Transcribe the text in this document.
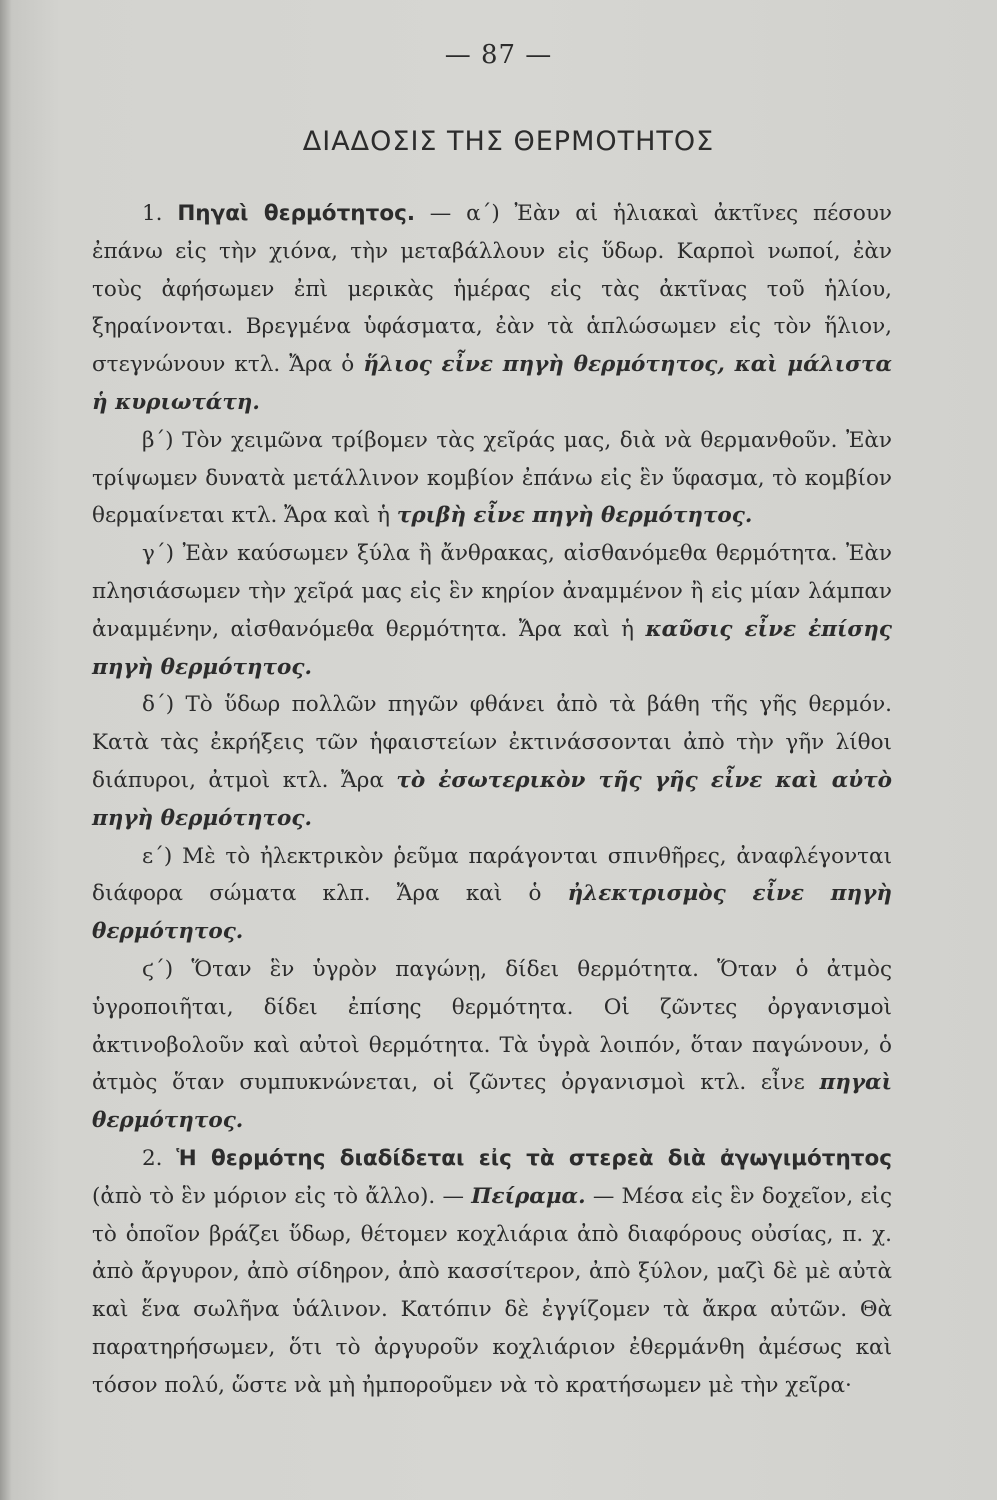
— 87 —
ΔΙΑΔΟΣΙΣ ΤΗΣ ΘΕΡΜΟΤΗΤΟΣ

1. Πηγαὶ θερμότητος. — α΄) Ἐὰν αἱ ἡλιακαὶ ἀκτῖνες πέσουν ἐπάνω εἰς τὴν χιόνα, τὴν μεταβάλλουν εἰς ὕδωρ. Καρποὶ νωποί, ἐὰν τοὺς ἀφήσωμεν ἐπὶ μερικὰς ἡμέρας εἰς τὰς ἀκτῖνας τοῦ ἡλίου, ξηραίνονται. Βρεγμένα ὑφάσματα, ἐὰν τὰ ἁπλώσωμεν εἰς τὸν ἥλιον, στεγνώνουν κτλ. Ἄρα ὁ ἥλιος εἶνε πηγὴ θερμότητος, καὶ μάλιστα ἡ κυριωτάτη.

β΄) Τὸν χειμῶνα τρίβομεν τὰς χεῖράς μας, διὰ νὰ θερμανθοῦν. Ἐὰν τρίψωμεν δυνατὰ μετάλλινον κομβίον ἐπάνω εἰς ἓν ὕφασμα, τὸ κομβίον θερμαίνεται κτλ. Ἄρα καὶ ἡ τριβὴ εἶνε πηγὴ θερμότητος.

γ΄) Ἐὰν καύσωμεν ξύλα ἢ ἄνθρακας, αἰσθανόμεθα θερμότητα. Ἐὰν πλησιάσωμεν τὴν χεῖρά μας εἰς ἓν κηρίον ἀναμμένον ἢ εἰς μίαν λάμπαν ἀναμμένην, αἰσθανόμεθα θερμότητα. Ἄρα καὶ ἡ καῦσις εἶνε ἐπίσης πηγὴ θερμότητος.

δ΄) Τὸ ὕδωρ πολλῶν πηγῶν φθάνει ἀπὸ τὰ βάθη τῆς γῆς θερμόν. Κατὰ τὰς ἐκρήξεις τῶν ἡφαιστείων ἐκτινάσσονται ἀπὸ τὴν γῆν λίθοι διάπυροι, ἀτμοὶ κτλ. Ἄρα τὸ ἐσωτερικὸν τῆς γῆς εἶνε καὶ αὐτὸ πηγὴ θερμότητος.

ε΄) Μὲ τὸ ἠλεκτρικὸν ῥεῦμα παράγονται σπινθῆρες, ἀναφλέγονται διάφορα σώματα κλπ. Ἄρα καὶ ὁ ἠλεκτρισμὸς εἶνε πηγὴ θερμότητος.

ϛ΄) Ὅταν ἓν ὑγρὸν παγώνῃ, δίδει θερμότητα. Ὅταν ὁ ἀτμὸς ὑγροποιῆται, δίδει ἐπίσης θερμότητα. Οἱ ζῶντες ὀργανισμοὶ ἀκτινοβολοῦν καὶ αὐτοὶ θερμότητα. Τὰ ὑγρὰ λοιπόν, ὅταν παγώνουν, ὁ ἀτμὸς ὅταν συμπυκνώνεται, οἱ ζῶντες ὀργανισμοὶ κτλ. εἶνε πηγαὶ θερμότητος.

2. Ἡ θερμότης διαδίδεται εἰς τὰ στερεὰ διὰ ἀγωγιμότητος (ἀπὸ τὸ ἓν μόριον εἰς τὸ ἄλλο). — Πείραμα. — Μέσα εἰς ἓν δοχεῖον, εἰς τὸ ὁποῖον βράζει ὕδωρ, θέτομεν κοχλιάρια ἀπὸ διαφόρους οὐσίας, π. χ. ἀπὸ ἄργυρον, ἀπὸ σίδηρον, ἀπὸ κασσίτερον, ἀπὸ ξύλον, μαζὶ δὲ μὲ αὐτὰ καὶ ἕνα σωλῆνα ὑάλινον. Κατόπιν δὲ ἐγγίζομεν τὰ ἄκρα αὐτῶν. Θὰ παρατηρήσωμεν, ὅτι τὸ ἀργυροῦν κοχλιάριον ἐθερμάνθη ἀμέσως καὶ τόσον πολύ, ὥστε νὰ μὴ ἠμποροῦμεν νὰ τὸ κρατήσωμεν μὲ τὴν χεῖρα·
